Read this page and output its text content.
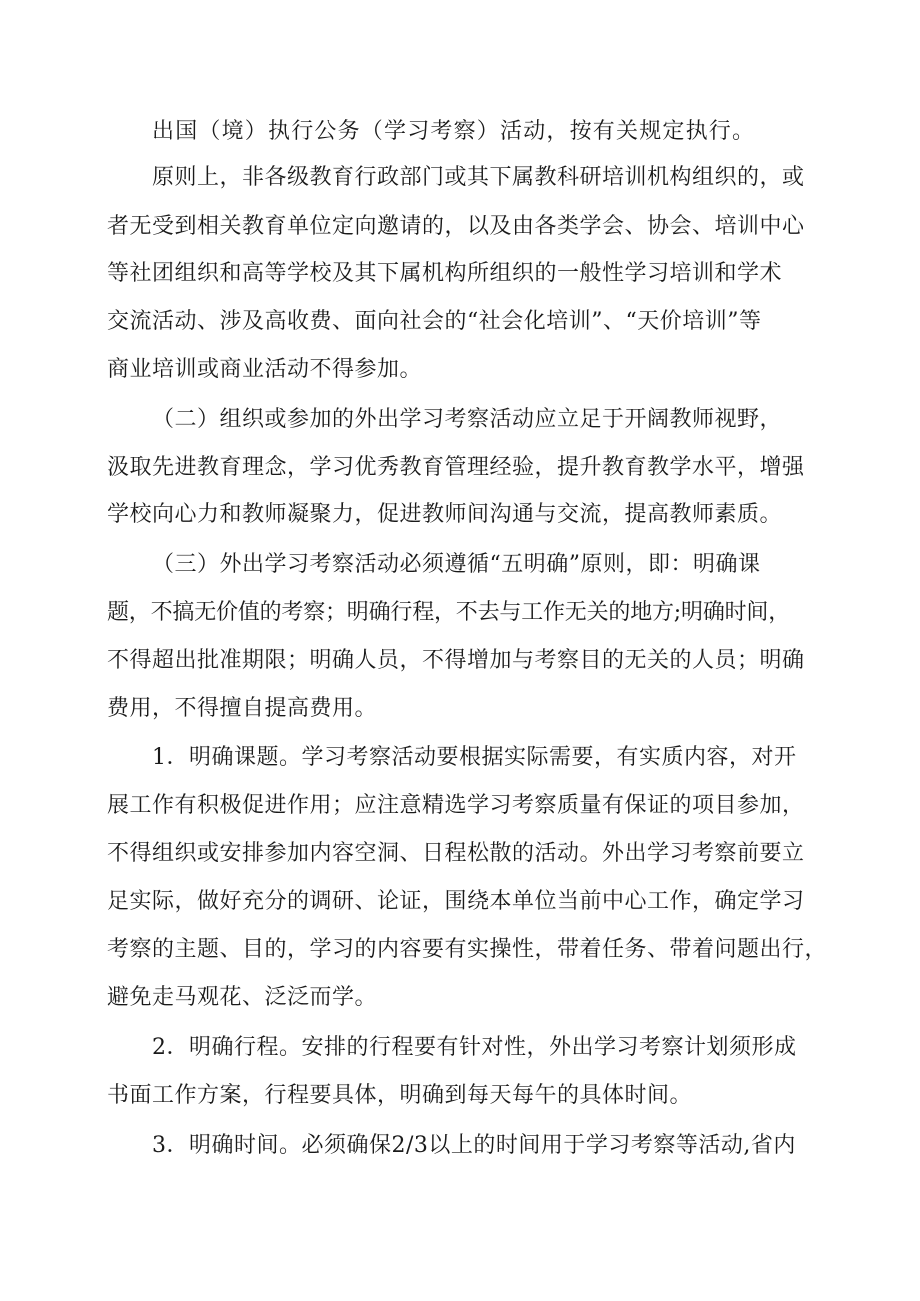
出国（境）执行公务（学习考察）活动，按有关规定执行。
原则上，非各级教育行政部门或其下属教科研培训机构组织的，或
者无受到相关教育单位定向邀请的，以及由各类学会、协会、培训中心
等社团组织和高等学校及其下属机构所组织的一般性学习培训和学术
交流活动、涉及高收费、面向社会的“社会化培训”、“天价培训”等
商业培训或商业活动不得参加。
（二）组织或参加的外出学习考察活动应立足于开阔教师视野，
汲取先进教育理念，学习优秀教育管理经验，提升教育教学水平，增强
学校向心力和教师凝聚力，促进教师间沟通与交流，提高教师素质。
（三）外出学习考察活动必须遵循“五明确”原则，即：明确课
题，不搞无价值的考察；明确行程，不去与工作无关的地方;明确时间，
不得超出批准期限；明确人员，不得增加与考察目的无关的人员；明确
费用，不得擅自提高费用。
1．明确课题。学习考察活动要根据实际需要，有实质内容，对开
展工作有积极促进作用；应注意精选学习考察质量有保证的项目参加，
不得组织或安排参加内容空洞、日程松散的活动。外出学习考察前要立
足实际，做好充分的调研、论证，围绕本单位当前中心工作，确定学习
考察的主题、目的，学习的内容要有实操性，带着任务、带着问题出行，
避免走马观花、泛泛而学。
2．明确行程。安排的行程要有针对性，外出学习考察计划须形成
书面工作方案，行程要具体，明确到每天每午的具体时间。
3．明确时间。必须确保2/3以上的时间用于学习考察等活动,省内
